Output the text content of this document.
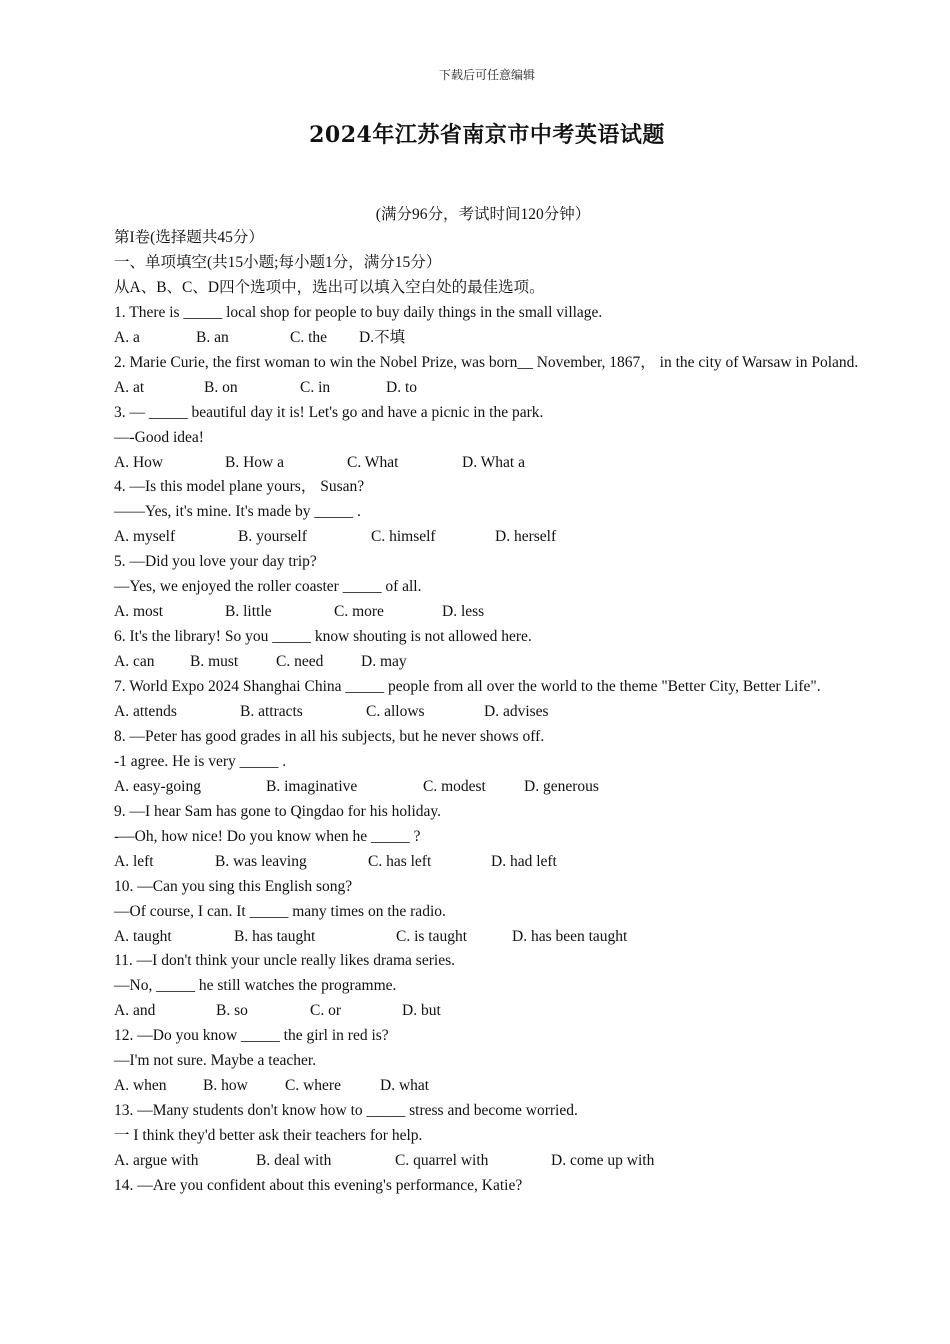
下载后可任意编辑
2024年江苏省南京市中考英语试题
(满分96分，考试时间120分钟）
第I卷(选择题共45分）
一、单项填空(共15小题;每小题1分，满分15分）
从A、B、C、D四个选项中，选出可以填入空白处的最佳选项。
1. There is _____ local shop for people to buy daily things in the small village.
A. a	B. an	C. the D.不填
2. Marie Curie, the first woman to win the Nobel Prize, was born__ November, 1867， in the city of Warsaw in Poland.
A. at	B. on	C. in	D. to
3. — _____ beautiful day it is! Let's go and have a picnic in the park.
—-Good idea!
A. How	B. How a	C. What	D. What a
4. —Is this model plane yours， Susan?
——Yes, it's mine. It's made by _____ .
A. myself	B. yourself	C. himself	D. herself
5. —Did you love your day trip?
—Yes, we enjoyed the roller coaster _____ of all.
A. most	B. little	C. more	D. less
6. It's the library! So you _____ know shouting is not allowed here.
A. can B. must C. need D. may
7. World Expo 2024 Shanghai China _____ people from all over the world to the theme "Better City, Better Life".
A. attends	B. attracts	C. allows	D. advises
8. —Peter has good grades in all his subjects, but he never shows off.
-1 agree. He is very _____ .
A. easy-going	B. imaginative	C. modest D. generous
9. —I hear Sam has gone to Qingdao for his holiday.
-—Oh, how nice! Do you know when he _____ ?
A. left	B. was leaving	C. has left	D. had left
10. —Can you sing this English song?
—Of course, I can. It _____ many times on the radio.
A. taught	B. has taught	C. is taught	D. has been taught
11. —I don't think your uncle really likes drama series.
—No, _____ he still watches the programme.
A. and	B. so	C. or	D. but
12. —Do you know _____ the girl in red is?
—I'm not sure. Maybe a teacher.
A. when B. how C. where	D. what
13. —Many students don't know how to _____ stress and become worried.
一 I think they'd better ask their teachers for help.
A. argue with	B. deal with	C. quarrel with	D. come up with
14. —Are you confident about this evening's performance, Katie?
